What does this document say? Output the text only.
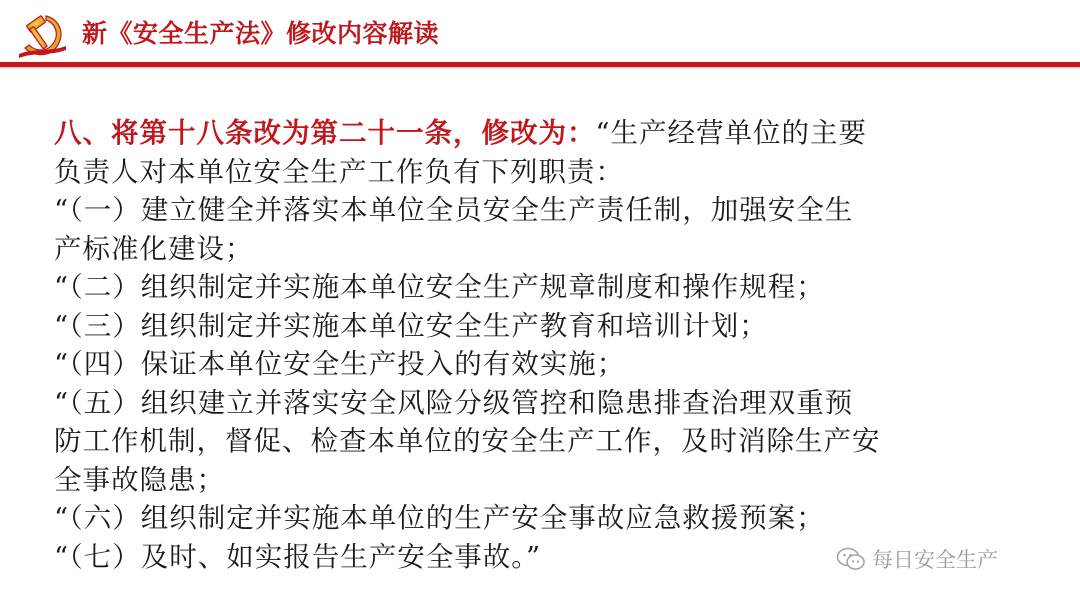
新《安全生产法》修改内容解读

八、将第十八条改为第二十一条，修改为：“生产经营单位的主要

负责人对本单位安全生产工作负有下列职责：

“（一）建立健全并落实本单位全员安全生产责任制，加强安全生

产标准化建设；

“（二）组织制定并实施本单位安全生产规章制度和操作规程；

“（三）组织制定并实施本单位安全生产教育和培训计划；

“（四）保证本单位安全生产投入的有效实施；

“（五）组织建立并落实安全风险分级管控和隐患排查治理双重预

防工作机制，督促、检查本单位的安全生产工作，及时消除生产安

全事故隐患；

“（六）组织制定并实施本单位的生产安全事故应急救援预案；

“（七）及时、如实报告生产安全事故。”	每日安全生产
